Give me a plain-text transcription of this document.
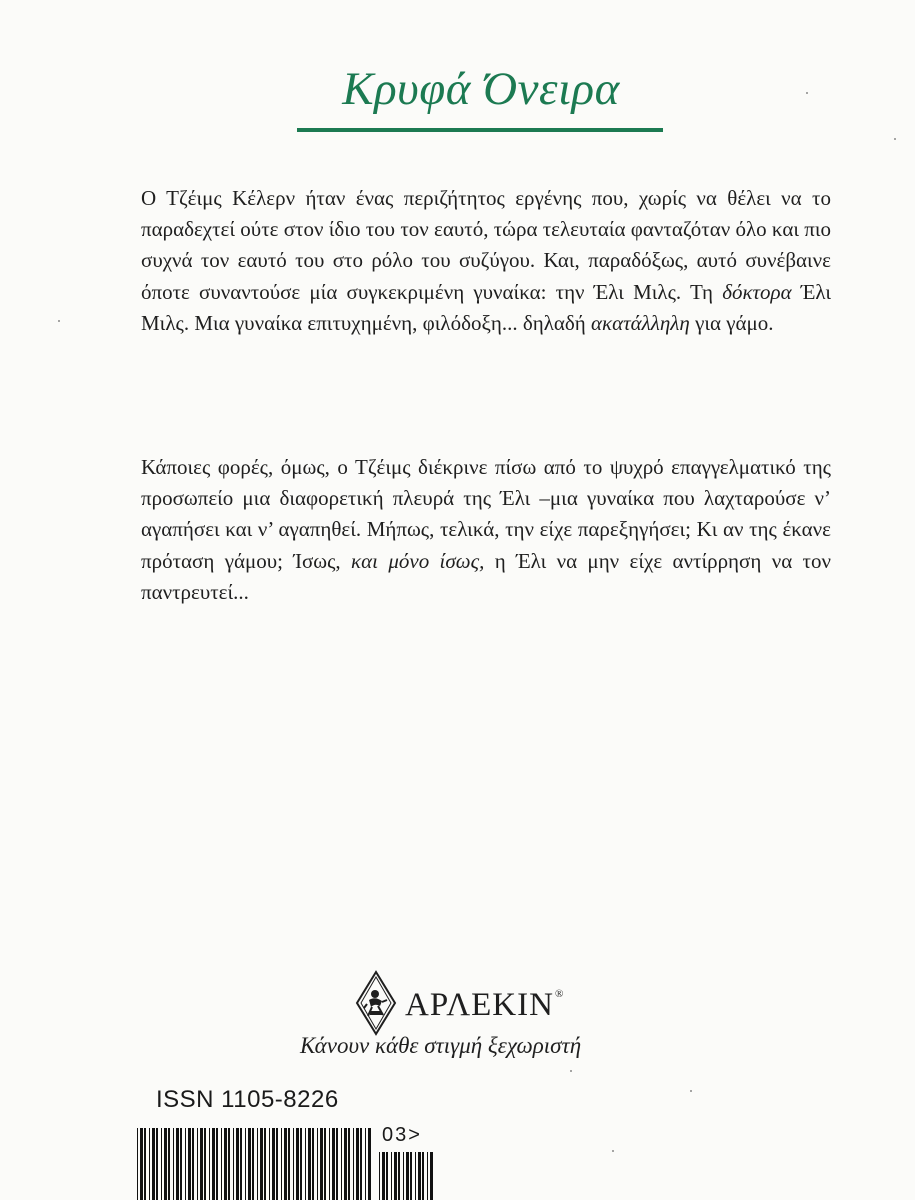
Κρυφά Όνειρα

Ο Τζέιμς Κέλερν ήταν ένας περιζήτητος εργένης που, χωρίς να θέλει να το παραδεχτεί ούτε στον ίδιο του τον εαυτό, τώρα τελευταία φανταζόταν όλο και πιο συχνά τον εαυτό του στο ρόλο του συζύγου. Και, παραδόξως, αυτό συνέβαινε όποτε συναντούσε μία συγκεκριμένη γυναίκα: την Έλι Μιλς. Τη δόκτορα Έλι Μιλς. Μια γυναίκα επιτυχημένη, φιλόδοξη... δηλαδή ακατάλληλη για γάμο.

Κάποιες φορές, όμως, ο Τζέιμς διέκρινε πίσω από το ψυχρό επαγγελματικό της προσωπείο μια διαφορετική πλευρά της Έλι –μια γυναίκα που λαχταρούσε ν’ αγαπήσει και ν’ αγαπηθεί. Μήπως, τελικά, την είχε παρεξηγήσει; Κι αν της έκανε πρόταση γάμου; Ίσως, και μόνο ίσως, η Έλι να μην είχε αντίρρηση να τον παντρευτεί...

ΑΡΛΕΚΙΝ®

Κάνουν κάθε στιγμή ξεχωριστή

ISSN 1105-8226

03>
